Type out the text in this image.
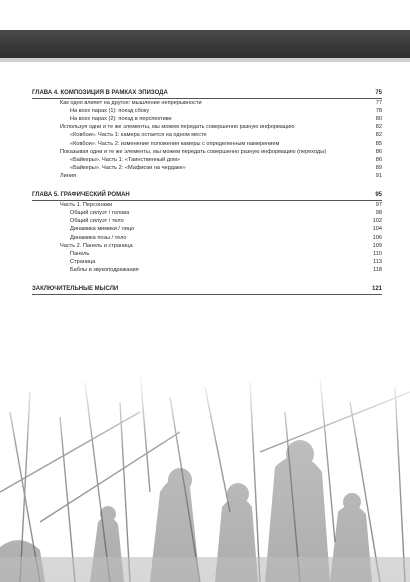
ГЛАВА 4. КОМПОЗИЦИЯ В РАМКАХ ЭПИЗОДА	75
Как одно влияет на другое: мышление непрерывности	77
На всех парах (1): поезд сбоку	78
На всех парах (2): поезд в перспективе	80
Используя одни и те же элементы, мы можем передать совершенно разную информацию	82
«Ковбои». Часть 1: камера остается на одном месте	82
«Ковбои». Часть 2: изменение положения камеры с определенным намерением	85
Показывая одни и те же элементы, мы можем передать совершенно разную информацию (переходы)	86
«Байкеры». Часть 1: «Таинственный дом»	86
«Байкеры». Часть 2: «Мафиози на чердаке»	89
Линия	91
ГЛАВА 5. ГРАФИЧЕСКИЙ РОМАН	95
Часть 1. Персонажи	97
Общий силуэт / голова	98
Общий силуэт / тело	102
Динамика мимики / лицо	104
Динамика позы / тело	106
Часть 2. Панель и страница	109
Панель	110
Страница	113
Баблы и звукоподражания	118
ЗАКЛЮЧИТЕЛЬНЫЕ МЫСЛИ	121
